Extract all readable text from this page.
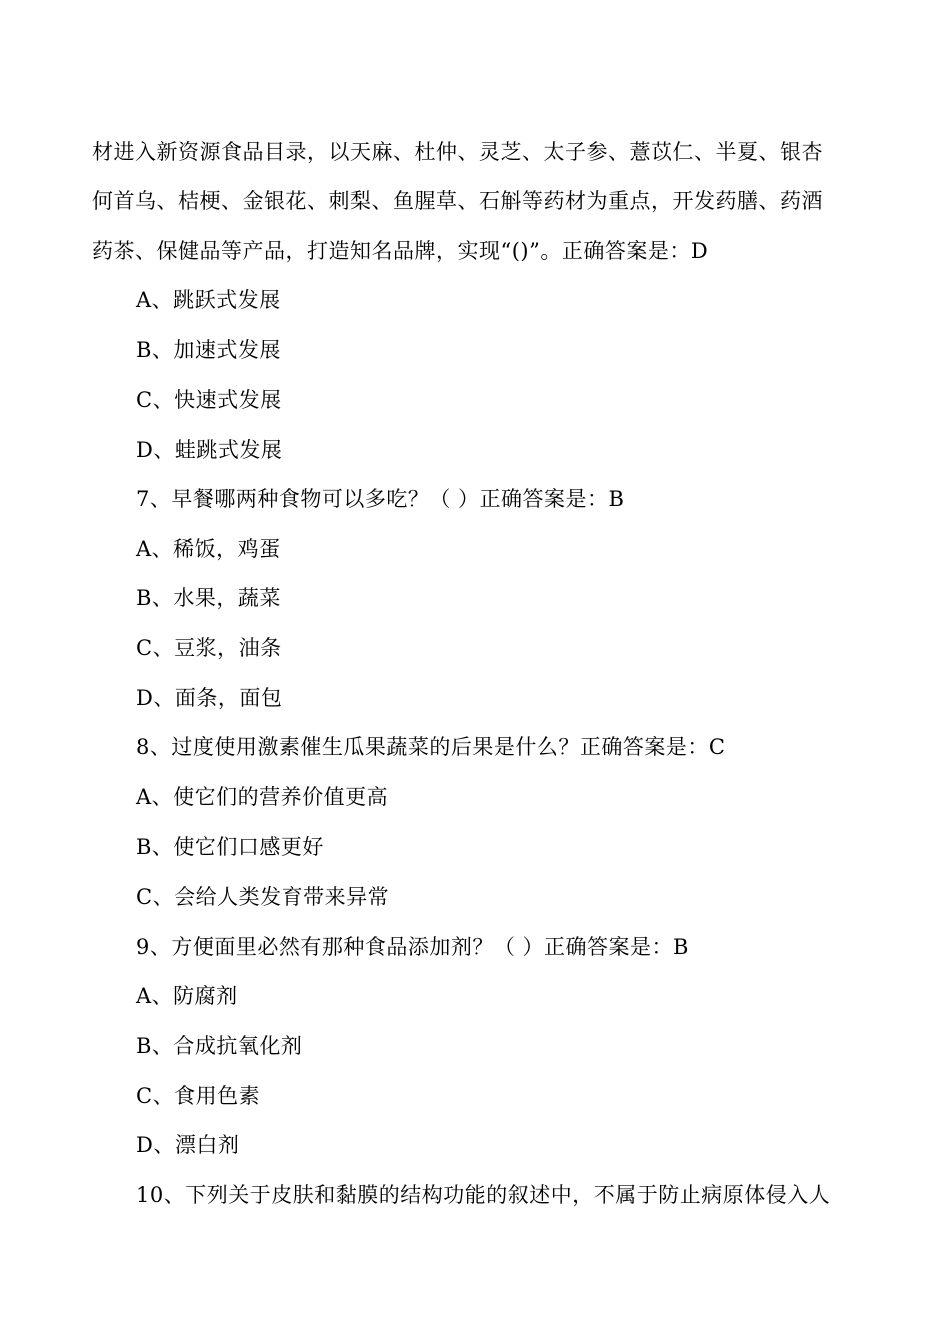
材进入新资源食品目录，以天麻、杜仲、灵芝、太子参、薏苡仁、半夏、银杏
何首乌、桔梗、金银花、刺梨、鱼腥草、石斛等药材为重点，开发药膳、药酒
药茶、保健品等产品，打造知名品牌，实现“()”。正确答案是：D
A、跳跃式发展
B、加速式发展
C、快速式发展
D、蛙跳式发展
7、早餐哪两种食物可以多吃？（ ）正确答案是：B
A、稀饭，鸡蛋
B、水果，蔬菜
C、豆浆，油条
D、面条，面包
8、过度使用激素催生瓜果蔬菜的后果是什么？正确答案是：C
A、使它们的营养价值更高
B、使它们口感更好
C、会给人类发育带来异常
9、方便面里必然有那种食品添加剂？（ ）正确答案是：B
A、防腐剂
B、合成抗氧化剂
C、食用色素
D、漂白剂
10、下列关于皮肤和黏膜的结构功能的叙述中，不属于防止病原体侵入人
